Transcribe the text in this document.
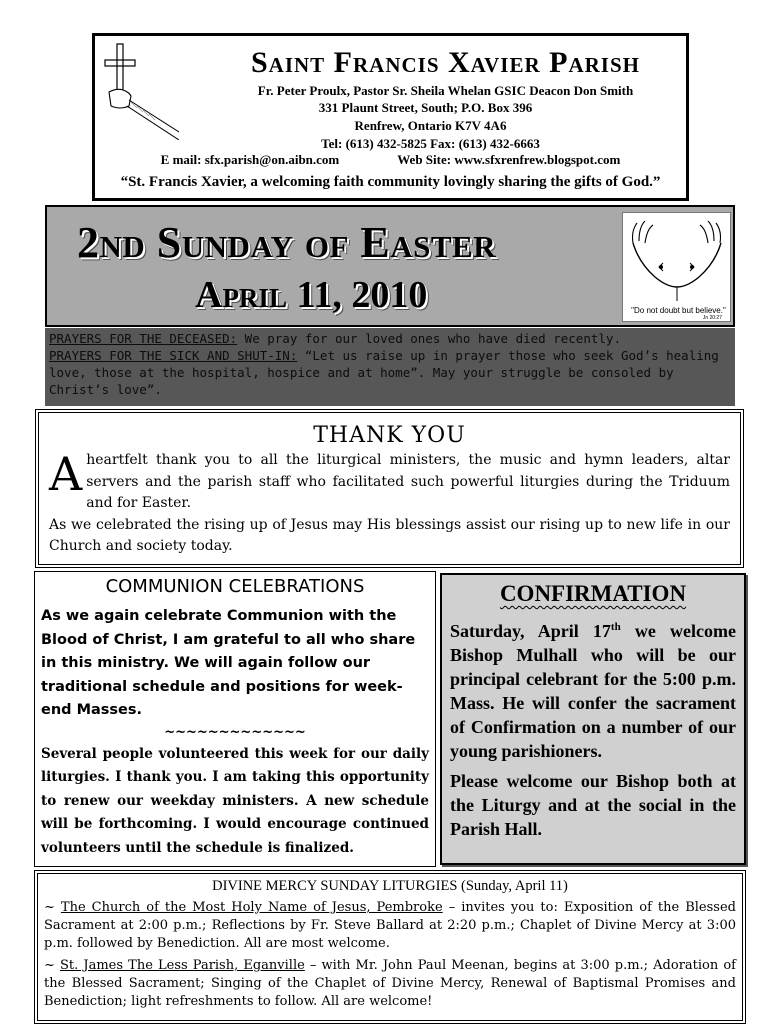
Saint Francis Xavier Parish
Fr. Peter Proulx, Pastor Sr. Sheila Whelan GSIC Deacon Don Smith
331 Plaunt Street, South; P.O. Box 396
Renfrew, Ontario K7V 4A6
Tel: (613) 432-5825 Fax: (613) 432-6663
E mail: sfx.parish@on.aibn.com	Web Site: www.sfxrenfrew.blogspot.com
“St. Francis Xavier, a welcoming faith community lovingly sharing the gifts of God.”
2nd Sunday of Easter
April 11, 2010	"Do not doubt but believe."
Jn 20:27
PRAYERS FOR THE DECEASED: We pray for our loved ones who have died recently.
PRAYERS FOR THE SICK AND SHUT-IN: “Let us raise up in prayer those who seek God’s healing love, those at the hospital, hospice and at home”. May your struggle be consoled by Christ’s love”.
THANK YOU
A heartfelt thank you to all the liturgical ministers, the music and hymn leaders, altar servers and the parish staff who facilitated such powerful liturgies during the Triduum and for Easter.
As we celebrated the rising up of Jesus may His blessings assist our rising up to new life in our Church and society today.
COMMUNION CELEBRATIONS
As we again celebrate Communion with the Blood of Christ, I am grateful to all who share in this ministry. We will again follow our traditional schedule and positions for week-end Masses.
~~~~~~~~~~~~~
Several people volunteered this week for our daily liturgies. I thank you. I am taking this opportunity to renew our weekday ministers. A new schedule will be forthcoming. I would encourage continued volunteers until the schedule is finalized.
CONFIRMATION

Saturday, April 17th we welcome Bishop Mulhall who will be our principal celebrant for the 5:00 p.m. Mass. He will confer the sacrament of Confirmation on a number of our young parishioners.

Please welcome our Bishop both at the Liturgy and at the social in the Parish Hall.

DIVINE MERCY SUNDAY LITURGIES (Sunday, April 11)

~ The Church of the Most Holy Name of Jesus, Pembroke – invites you to: Exposition of the Blessed Sacrament at 2:00 p.m.; Reflections by Fr. Steve Ballard at 2:20 p.m.; Chaplet of Divine Mercy at 3:00 p.m. followed by Benediction. All are most welcome.

~ St. James The Less Parish, Eganville – with Mr. John Paul Meenan, begins at 3:00 p.m.; Adoration of the Blessed Sacrament; Singing of the Chaplet of Divine Mercy, Renewal of Baptismal Promises and Benediction; light refreshments to follow. All are welcome!
